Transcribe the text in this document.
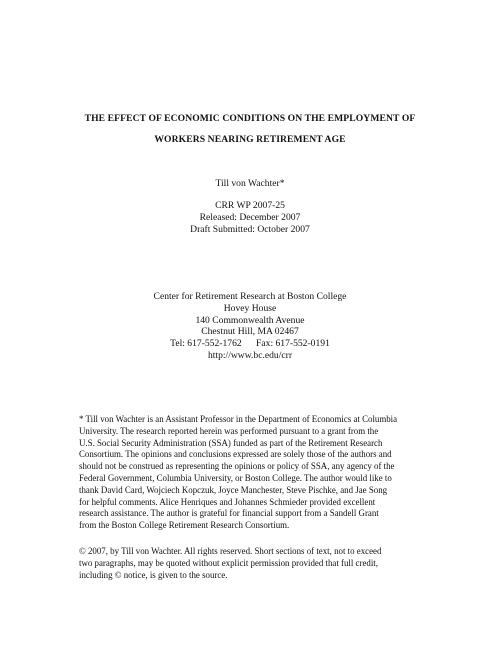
THE EFFECT OF ECONOMIC CONDITIONS ON THE EMPLOYMENT OF
WORKERS NEARING RETIREMENT AGE
Till von Wachter*
CRR WP 2007-25
Released: December 2007
Draft Submitted: October 2007
Center for Retirement Research at Boston College
Hovey House
140 Commonwealth Avenue
Chestnut Hill, MA 02467
Tel: 617-552-1762      Fax: 617-552-0191
http://www.bc.edu/crr
* Till von Wachter is an Assistant Professor in the Department of Economics at Columbia
University. The research reported herein was performed pursuant to a grant from the
U.S. Social Security Administration (SSA) funded as part of the Retirement Research
Consortium. The opinions and conclusions expressed are solely those of the authors and
should not be construed as representing the opinions or policy of SSA, any agency of the
Federal Government, Columbia University, or Boston College. The author would like to
thank David Card, Wojciech Kopczuk, Joyce Manchester, Steve Pischke, and Jae Song
for helpful comments. Alice Henriques and Johannes Schmieder provided excellent
research assistance. The author is grateful for financial support from a Sandell Grant
from the Boston College Retirement Research Consortium.
© 2007, by Till von Wachter. All rights reserved. Short sections of text, not to exceed
two paragraphs, may be quoted without explicit permission provided that full credit,
including © notice, is given to the source.
